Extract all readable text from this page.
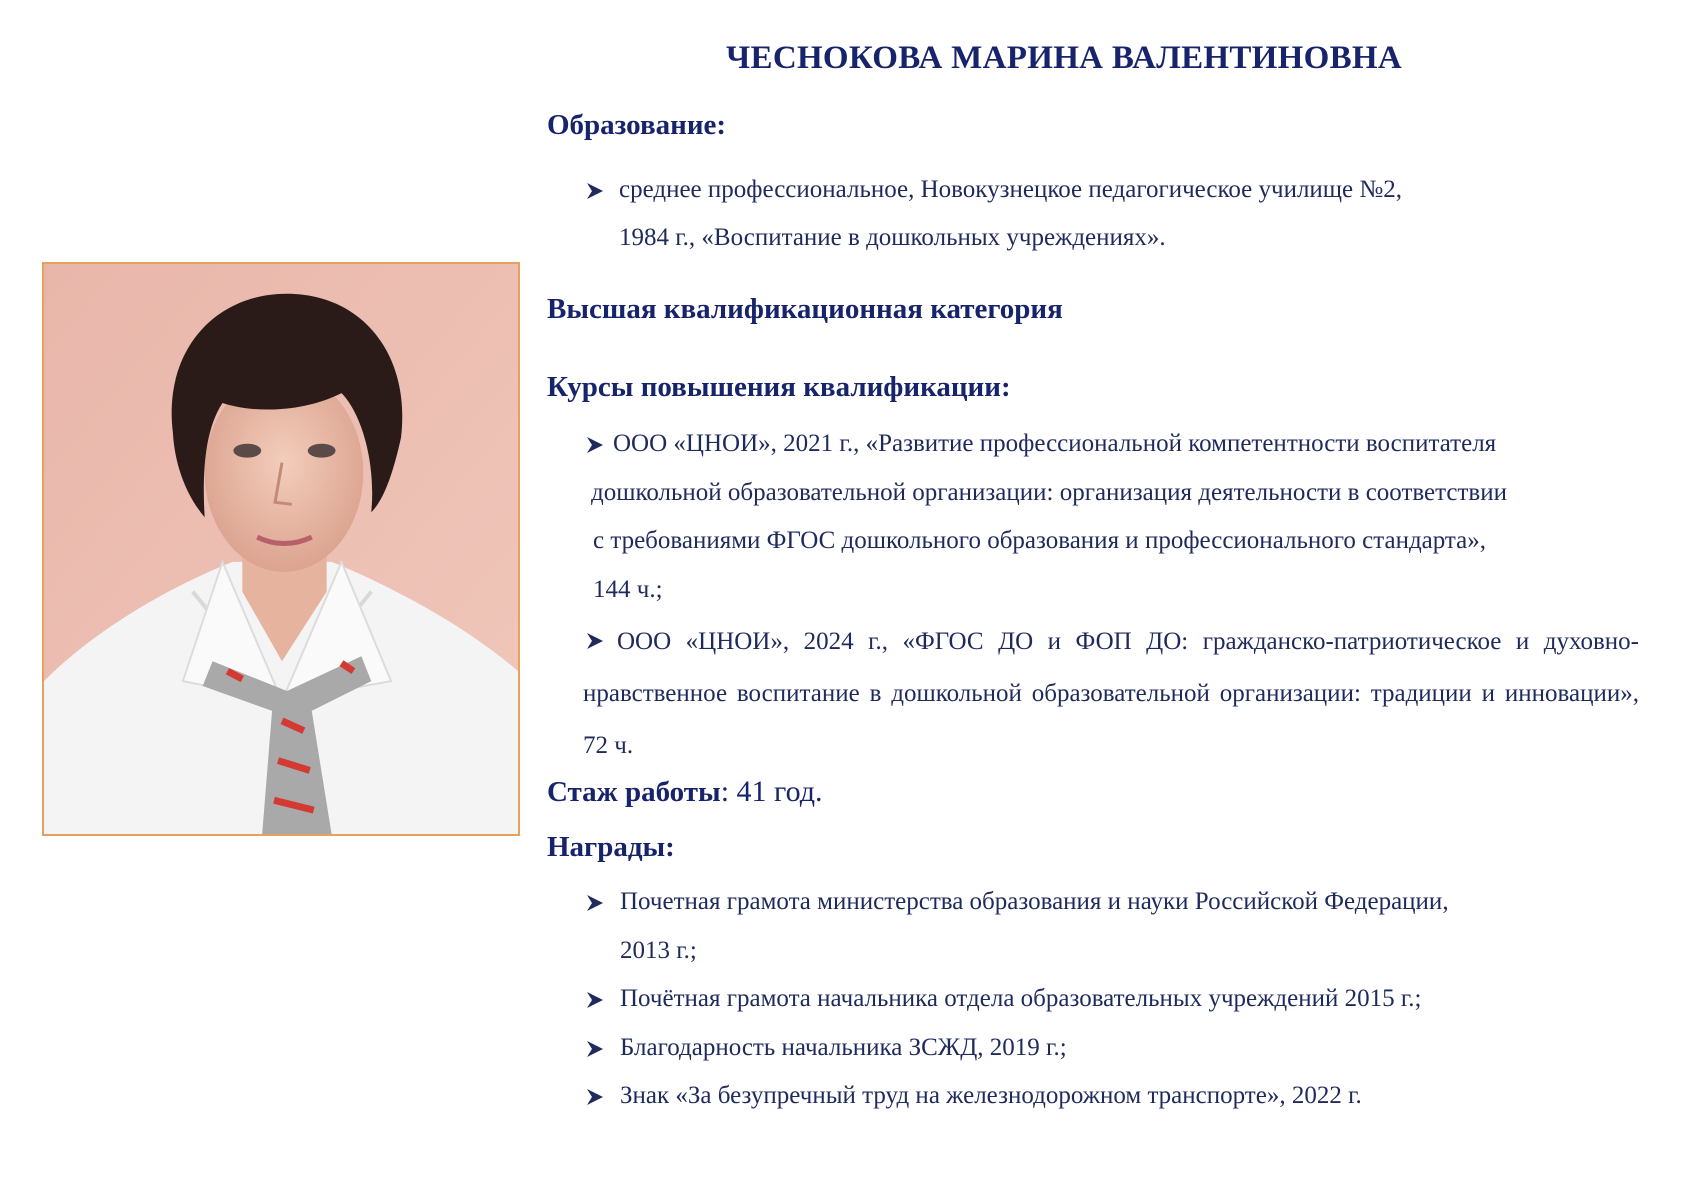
ЧЕСНОКОВА МАРИНА ВАЛЕНТИНОВНА
Образование:
среднее профессиональное, Новокузнецкое педагогическое училище №2,
1984 г., «Воспитание в дошкольных учреждениях».
Высшая квалификационная категория
Курсы повышения квалификации:
ООО «ЦНОИ», 2021 г., «Развитие профессиональной компетентности воспитателя
дошкольной образовательной организации: организация деятельности в соответствии
с требованиями ФГОС дошкольного образования и профессионального стандарта»,
144 ч.;
ООО «ЦНОИ», 2024 г., «ФГОС ДО и ФОП ДО: гражданско-патриотическое и духовно-нравственное воспитание в дошкольной образовательной организации: традиции и инновации», 72 ч.
Стаж работы: 41 год.
Награды:
Почетная грамота министерства образования и науки Российской Федерации,
2013 г.;
Почётная грамота начальника отдела образовательных учреждений 2015 г.;
Благодарность начальника ЗСЖД, 2019 г.;
Знак «За безупречный труд на железнодорожном транспорте», 2022 г.
